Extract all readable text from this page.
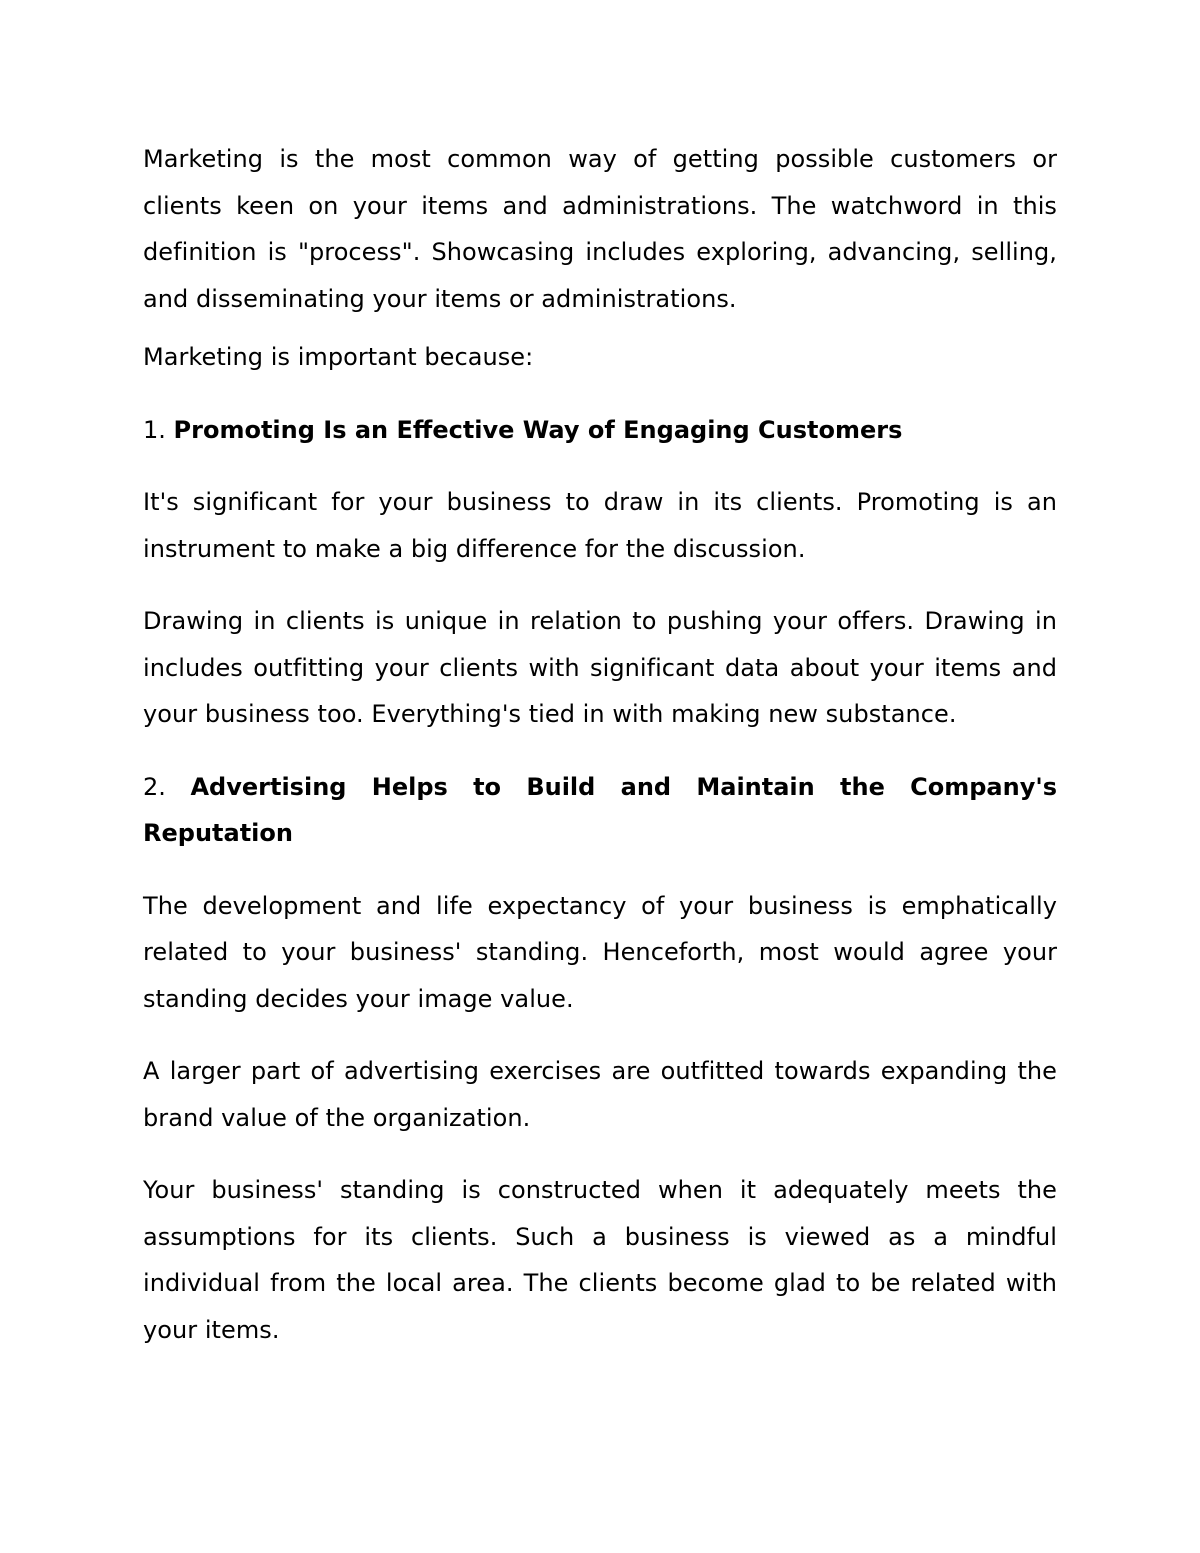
Marketing is the most common way of getting possible customers or clients keen on your items and administrations. The watchword in this definition is "process". Showcasing includes exploring, advancing, selling, and disseminating your items or administrations.

Marketing is important because:

1. Promoting Is an Effective Way of Engaging Customers

It's significant for your business to draw in its clients. Promoting is an instrument to make a big difference for the discussion.

Drawing in clients is unique in relation to pushing your offers. Drawing in includes outfitting your clients with significant data about your items and your business too. Everything's tied in with making new substance.

2. Advertising Helps to Build and Maintain the Company's Reputation

The development and life expectancy of your business is emphatically related to your business' standing. Henceforth, most would agree your standing decides your image value.

A larger part of advertising exercises are outfitted towards expanding the brand value of the organization.

Your business' standing is constructed when it adequately meets the assumptions for its clients. Such a business is viewed as a mindful individual from the local area. The clients become glad to be related with your items.
